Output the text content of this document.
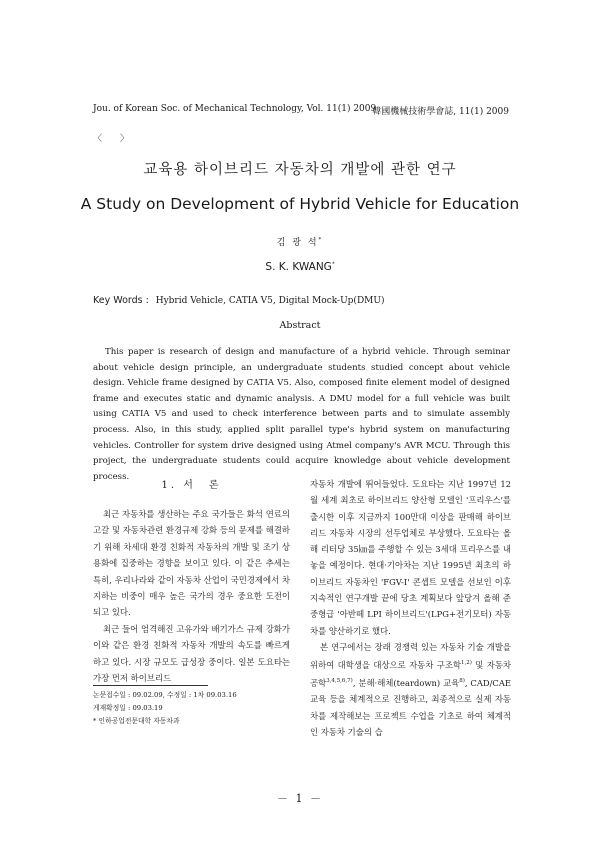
Jou. of Korean Soc. of Mechanical Technology, Vol. 11(1) 2009
韓國機械技術學會誌, 11(1) 2009
〈　　〉
교육용 하이브리드 자동차의 개발에 관한 연구
A Study on Development of Hybrid Vehicle for Education
김 광 석*
S. K. KWANG*
Key Words : Hybrid Vehicle, CATIA V5, Digital Mock-Up(DMU)
Abstract

This paper is research of design and manufacture of a hybrid vehicle. Through seminar about vehicle design principle, an undergraduate students studied concept about vehicle design. Vehicle frame designed by CATIA V5. Also, composed finite element model of designed frame and executes static and dynamic analysis. A DMU model for a full vehicle was built using CATIA V5 and used to check interference between parts and to simulate assembly process. Also, in this study, applied split parallel type's hybrid system on manufacturing vehicles. Controller for system drive designed using Atmel company's AVR MCU. Through this project, the undergraduate students could acquire knowledge about vehicle development process.

1. 서　론

최근 자동차를 생산하는 주요 국가들은 화석 연료의 고갈 및 자동차관련 환경규제 강화 등의 문제를 해결하기 위해 차세대 환경 친화적 자동차의 개발 및 조기 상용화에 집중하는 경향을 보이고 있다. 이 같은 추세는 특히, 우리나라와 같이 자동차 산업이 국민경제에서 차지하는 비중이 매우 높은 국가의 경우 중요한 도전이 되고 있다.

최근 들어 엄격해진 고유가와 배기가스 규제 강화가 이와 같은 환경 친화적 자동차 개발의 속도를 빠르게 하고 있다. 시장 규모도 급성장 중이다. 일본 도요타는 가장 먼저 하이브리드

자동차 개발에 뛰어들었다. 도요타는 지난 1997년 12월 세계 최초로 하이브리드 양산형 모델인 '프리우스'를 출시한 이후 지금까지 100만대 이상을 판매해 하이브리드 자동차 시장의 선두업체로 부상했다. 도요타는 올해 리터당 35㎞를 주행할 수 있는 3세대 프리우스를 내놓을 예정이다. 현대·기아차는 지난 1995년 최초의 하이브리드 자동차인 'FGV-I' 콘셉트 모델을 선보인 이후 지속적인 연구개발 끝에 당초 계획보다 앞당겨 올해 준중형급 '아반떼 LPI 하이브리드'(LPG+전기모터) 자동차를 양산하기로 했다.

본 연구에서는 장래 경쟁력 있는 자동차 기술 개발을 위하여 대학생을 대상으로 자동차 구조학$^{1,2)}$ 및 자동차공학$^{3,4,5,6,7)}$, 분해·해체(teardown) 교육$^{8)}$, CAD/CAE 교육 등을 체계적으로 진행하고, 최종적으로 실제 자동차를 제작해보는 프로젝트 수업을 기초로 하여 체계적인 자동차 기술의 습

논문접수일 : 09.02.09, 수정일 : 1차 09.03.16
게재확정일 : 09.03.19
* 인하공업전문대학 자동차과
－ 1 －
